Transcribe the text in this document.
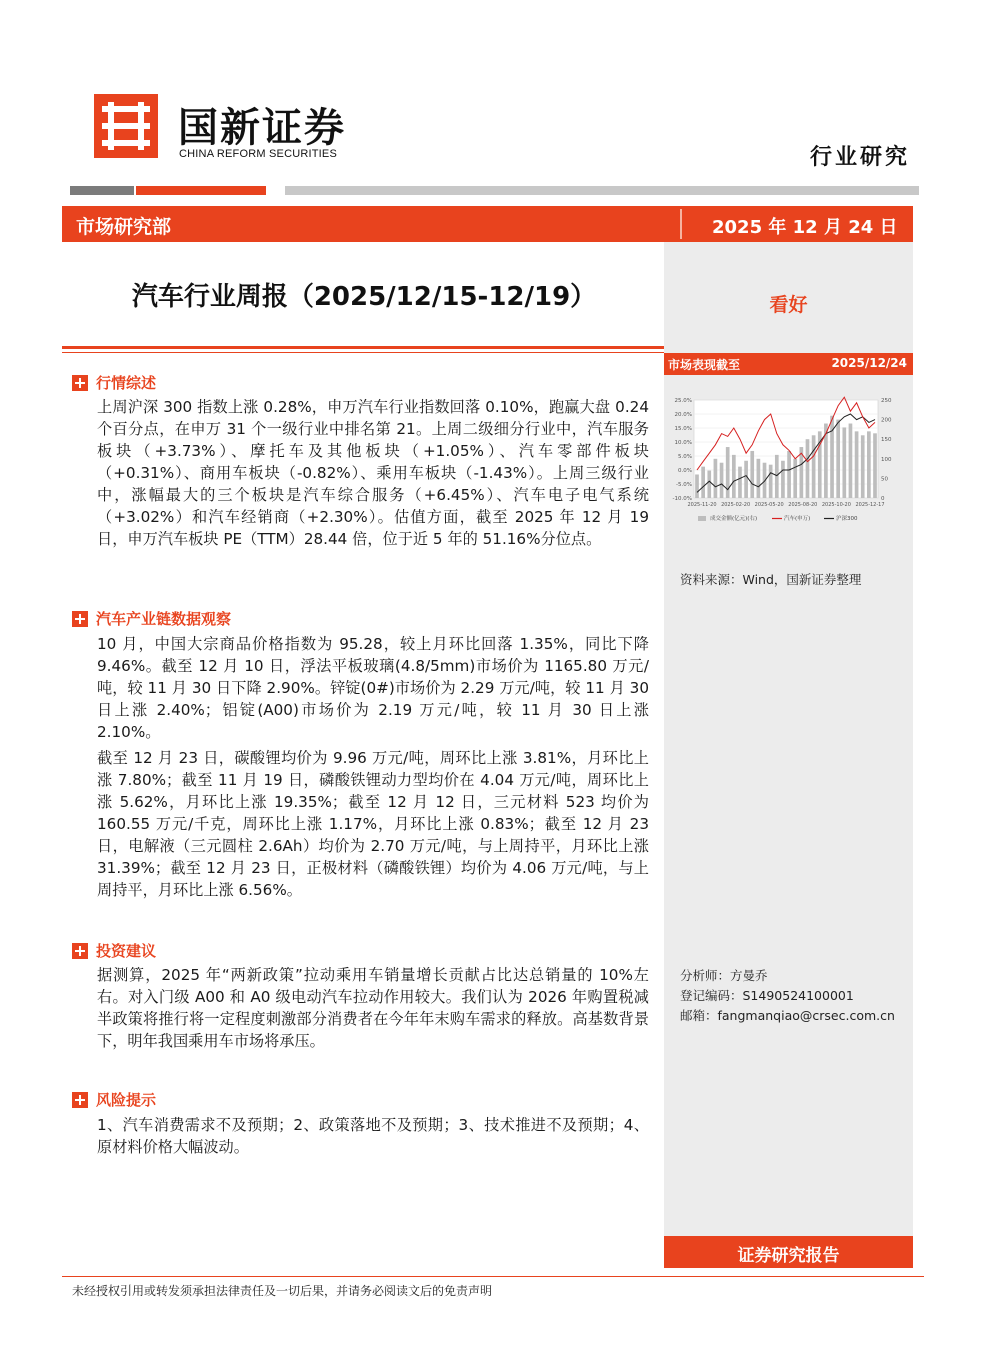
国新证券
CHINA REFORM SECURITIES	行业研究
市场研究部	2025 年 12 月 24 日
汽车行业周报（2025/12/15-12/19）	看好
行情综述
上周沪深 300 指数上涨 0.28%，申万汽车行业指数回落 0.10%，跑赢大盘 0.24 个百分点，在申万 31 个一级行业中排名第 21。上周二级细分行业中，汽车服务板块（+3.73%）、摩托车及其他板块（+1.05%）、汽车零部件板块（+0.31%）、商用车板块（-0.82%）、乘用车板块（-1.43%）。上周三级行业中，涨幅最大的三个板块是汽车综合服务（+6.45%）、汽车电子电气系统（+3.02%）和汽车经销商（+2.30%）。估值方面，截至 2025 年 12 月 19 日，申万汽车板块 PE（TTM）28.44 倍，位于近 5 年的 51.16%分位点。
汽车产业链数据观察
10 月，中国大宗商品价格指数为 95.28，较上月环比回落 1.35%，同比下降 9.46%。截至 12 月 10 日，浮法平板玻璃(4.8/5mm)市场价为 1165.80 万元/吨，较 11 月 30 日下降 2.90%。锌锭(0#)市场价为 2.29 万元/吨，较 11 月 30 日上涨 2.40%；铝锭(A00)市场价为 2.19 万元/吨，较 11 月 30 日上涨 2.10%。
截至 12 月 23 日，碳酸锂均价为 9.96 万元/吨，周环比上涨 3.81%，月环比上涨 7.80%；截至 11 月 19 日，磷酸铁锂动力型均价在 4.04 万元/吨，周环比上涨 5.62%，月环比上涨 19.35%；截至 12 月 12 日，三元材料 523 均价为 160.55 万元/千克，周环比上涨 1.17%，月环比上涨 0.83%；截至 12 月 23 日，电解液（三元圆柱 2.6Ah）均价为 2.70 万元/吨，与上周持平，月环比上涨 31.39%；截至 12 月 23 日，正极材料（磷酸铁锂）均价为 4.06 万元/吨，与上周持平，月环比上涨 6.56%。
投资建议
据测算，2025 年“两新政策”拉动乘用车销量增长贡献占比达总销量的 10%左右。对入门级 A00 和 A0 级电动汽车拉动作用较大。我们认为 2026 年购置税减半政策将推行将一定程度刺激部分消费者在今年年末购车需求的释放。高基数背景下，明年我国乘用车市场将承压。
风险提示
1、汽车消费需求不及预期；2、政策落地不及预期；3、技术推进不及预期；4、原材料价格大幅波动。
市场表现截至	2025/12/24
25.0%
20.0%
15.0%
10.0%
5.0%
0.0%
-5.0%
-10.0%
250
200
150
100
50
0
2025-11-20 2025-02-20 2025-05-20 2025-08-20 2025-10-20 2025-12-17
成交金额(亿元)(右)	汽车(申万)	沪深300
资料来源：Wind，国新证券整理
分析师：方曼乔
登记编码：S1490524100001
邮箱：fangmanqiao@crsec.com.cn
证券研究报告
未经授权引用或转发须承担法律责任及一切后果，并请务必阅读文后的免责声明
